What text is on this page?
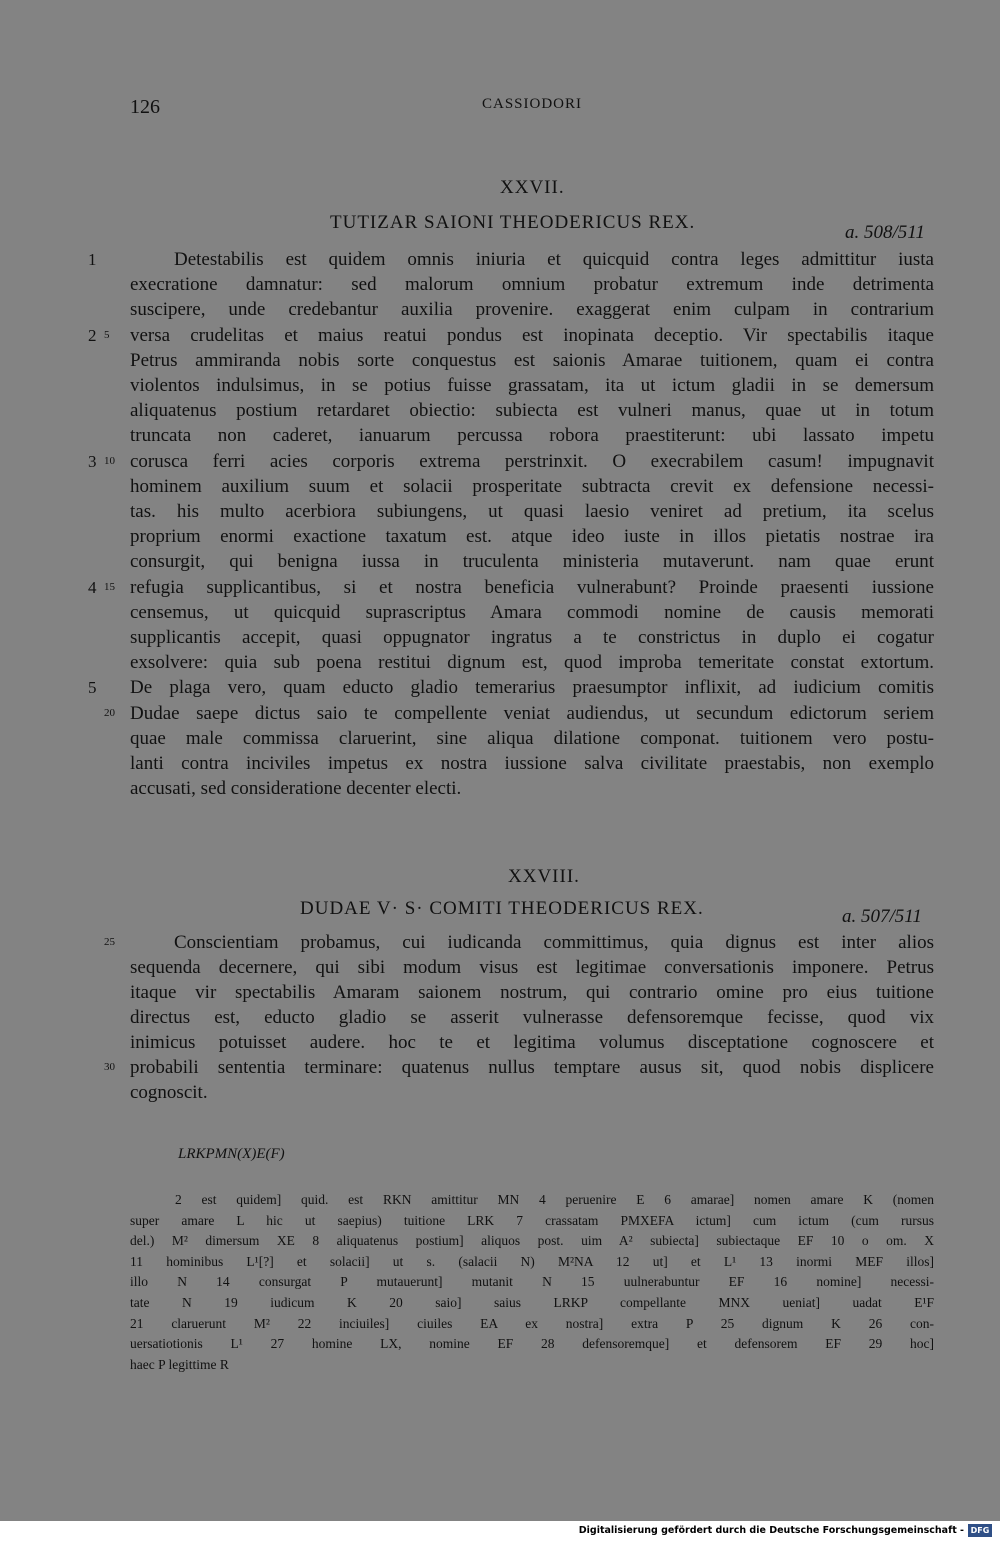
126	CASSIODORI
XXVII.
TUTIZAR SAIONI THEODERICUS REX.	a. 508/511
Detestabilis est quidem omnis iniuria et quicquid contra leges admittitur iusta
1
execratione damnatur: sed malorum omnium probatur extremum inde detrimenta
suscipere, unde credebantur auxilia provenire. exaggerat enim culpam in contrarium
versa crudelitas et maius reatui pondus est inopinata deceptio. Vir spectabilis itaque
2 5
Petrus ammiranda nobis sorte conquestus est saionis Amarae tuitionem, quam ei contra
violentos indulsimus, in se potius fuisse grassatam, ita ut ictum gladii in se demersum
aliquatenus postium retardaret obiectio: subiecta est vulneri manus, quae ut in totum
truncata non caderet, ianuarum percussa robora praestiterunt: ubi lassato impetu
corusca ferri acies corporis extrema perstrinxit. O execrabilem casum! impugnavit
3 10
hominem auxilium suum et solacii prosperitate subtracta crevit ex defensione necessi-
tas. his multo acerbiora subiungens, ut quasi laesio veniret ad pretium, ita scelus
proprium enormi exactione taxatum est. atque ideo iuste in illos pietatis nostrae ira
consurgit, qui benigna iussa in truculenta ministeria mutaverunt. nam quae erunt
refugia supplicantibus, si et nostra beneficia vulnerabunt? Proinde praesenti iussione
4 15
censemus, ut quicquid suprascriptus Amara commodi nomine de causis memorati
supplicantis accepit, quasi oppugnator ingratus a te constrictus in duplo ei cogatur
exsolvere: quia sub poena restitui dignum est, quod improba temeritate constat extortum.
De plaga vero, quam educto gladio temerarius praesumptor inflixit, ad iudicium comitis
5
Dudae saepe dictus saio te compellente veniat audiendus, ut secundum edictorum seriem
20
quae male commissa claruerint, sine aliqua dilatione componat. tuitionem vero postu-
lanti contra inciviles impetus ex nostra iussione salva civilitate praestabis, non exemplo
accusati, sed consideratione decenter electi.
XXVIII.
DUDAE V· S· COMITI THEODERICUS REX.	a. 507/511
Conscientiam probamus, cui iudicanda committimus, quia dignus est inter alios
25
sequenda decernere, qui sibi modum visus est legitimae conversationis imponere. Petrus
itaque vir spectabilis Amaram saionem nostrum, qui contrario omine pro eius tuitione
directus est, educto gladio se asserit vulnerasse defensoremque fecisse, quod vix
inimicus potuisset audere. hoc te et legitima volumus disceptatione cognoscere et
probabili sententia terminare: quatenus nullus temptare ausus sit, quod nobis displicere
30
cognoscit.
LRKPMN(X)E(F)
2 est quidem] quid. est RKN amittitur MN 4 peruenire E 6 amarae] nomen amare K (nomen
super amare L hic ut saepius) tuitione LRK 7 crassatam PMXEFA ictum] cum ictum (cum rursus
del.) M² dimersum XE 8 aliquatenus postium] aliquos post. uim A² subiecta] subiectaque EF 10 o om. X
11 hominibus L¹[?] et solacii] ut s. (salacii N) M²NA 12 ut] et L¹ 13 inormi MEF illos]
illo N 14 consurgat P mutauerunt] mutanit N 15 uulnerabuntur EF 16 nomine] necessi-
tate N 19 iudicum K 20 saio] saius LRKP compellante MNX ueniat] uadat E¹F
21 claruerunt M² 22 inciuiles] ciuiles EA ex nostra] extra P 25 dignum K 26 con-
uersatiotionis L¹ 27 homine LX, nomine EF 28 defensoremque] et defensorem EF 29 hoc]
haec P legittime R
Digitalisierung gefördert durch die Deutsche Forschungsgemeinschaft - DFG
